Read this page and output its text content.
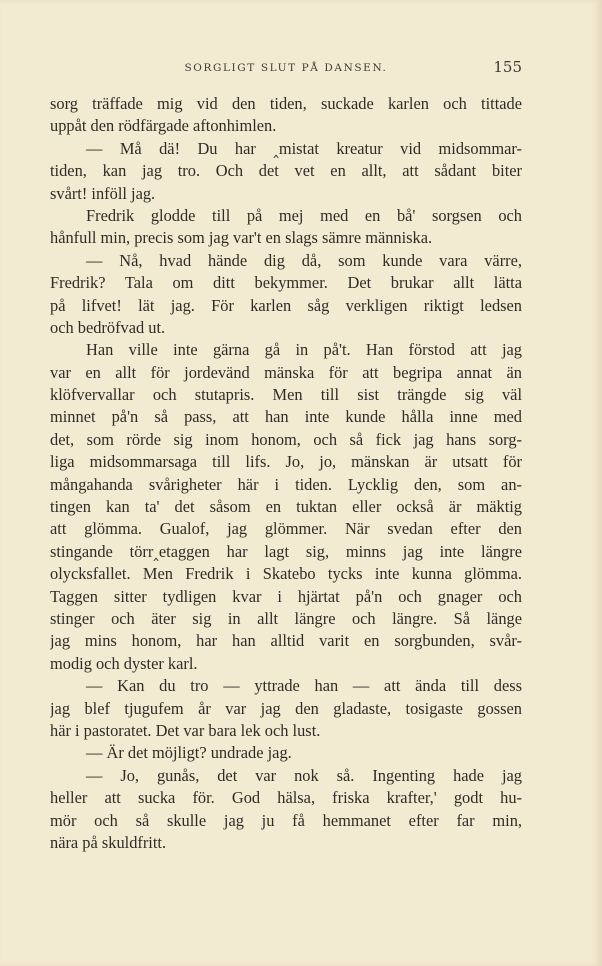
SORGLIGT SLUT PÅ DANSEN.	155
sorg träffade mig vid den tiden, suckade karlen och tittade
uppåt den rödfärgade aftonhimlen.
— Må dä! Du har ‸mistat kreatur vid midsommar-
tiden, kan jag tro. Och det vet en allt, att sådant biter
svårt! inföll jag.
Fredrik glodde till på mej med en bå' sorgsen och
hånfull min, precis som jag var't en slags sämre människa.
— Nå, hvad hände dig då, som kunde vara värre,
Fredrik? Tala om ditt bekymmer. Det brukar allt lätta
på lifvet! lät jag. För karlen såg verkligen riktigt ledsen
och bedröfvad ut.
Han ville inte gärna gå in på't. Han förstod att jag
var en allt för jordevänd mänska för att begripa annat än
klöfvervallar och stutapris. Men till sist trängde sig väl
minnet på'n så pass, att han inte kunde hålla inne med
det, som rörde sig inom honom, och så fick jag hans sorg-
liga midsommarsaga till lifs. Jo, jo, mänskan är utsatt för
mångahanda svårigheter här i tiden. Lycklig den, som an-
tingen kan ta' det såsom en tuktan eller också är mäktig
att glömma. Gualof, jag glömmer. När svedan efter den
stingande törr‸etaggen har lagt sig, minns jag inte längre
olycksfallet. Men Fredrik i Skatebo tycks inte kunna glömma.
Taggen sitter tydligen kvar i hjärtat på'n och gnager och
stinger och äter sig in allt längre och längre. Så länge
jag mins honom, har han alltid varit en sorgbunden, svår-
modig och dyster karl.
— Kan du tro — yttrade han — att ända till dess
jag blef tjugufem år var jag den gladaste, tosigaste gossen
här i pastoratet. Det var bara lek och lust.
— Är det möjligt? undrade jag.
— Jo, gunås, det var nok så. Ingenting hade jag
heller att sucka för. God hälsa, friska krafter,' godt hu-
mör och så skulle jag ju få hemmanet efter far min,
nära på skuldfritt.
